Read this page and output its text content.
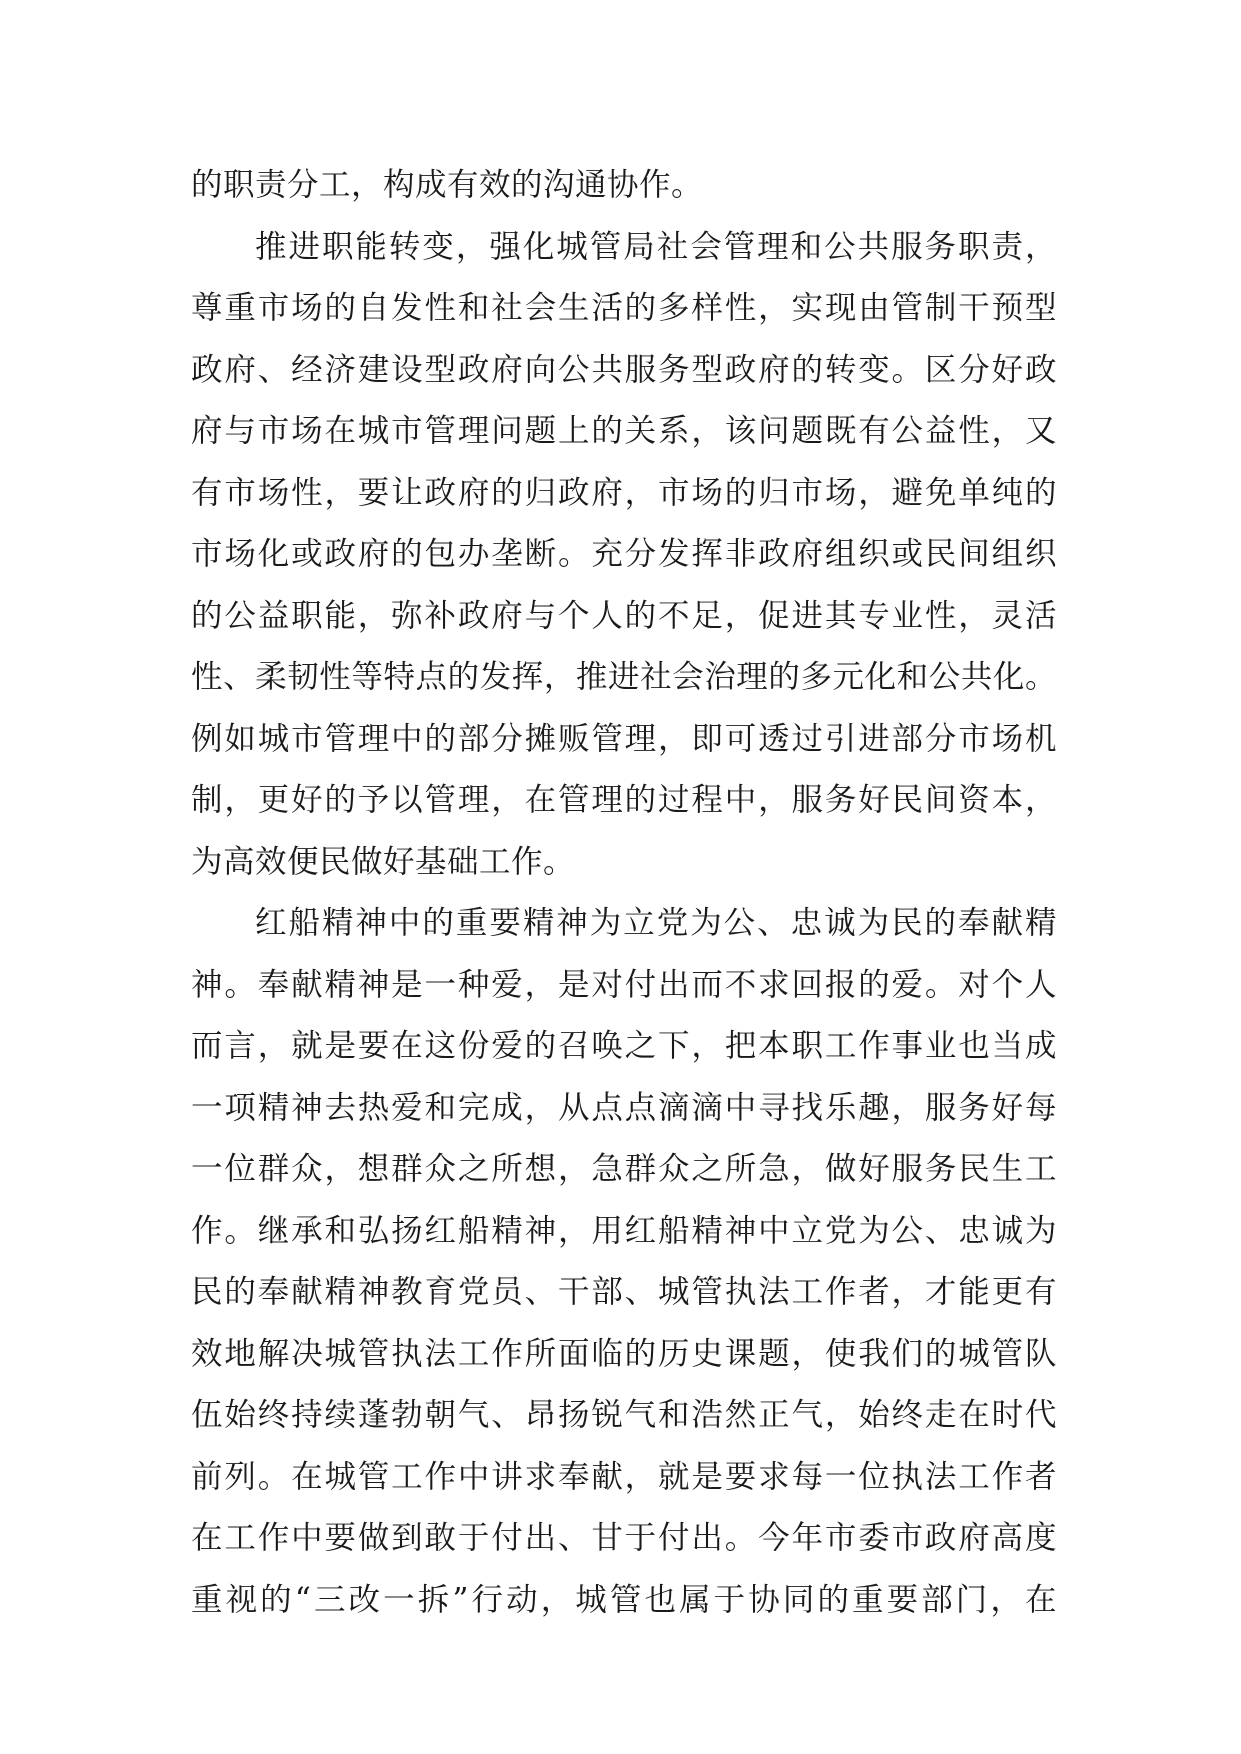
的职责分工，构成有效的沟通协作。
推进职能转变，强化城管局社会管理和公共服务职责，
尊重市场的自发性和社会生活的多样性，实现由管制干预型
政府、经济建设型政府向公共服务型政府的转变。区分好政
府与市场在城市管理问题上的关系，该问题既有公益性，又
有市场性，要让政府的归政府，市场的归市场，避免单纯的
市场化或政府的包办垄断。充分发挥非政府组织或民间组织
的公益职能，弥补政府与个人的不足，促进其专业性，灵活
性、柔韧性等特点的发挥，推进社会治理的多元化和公共化。
例如城市管理中的部分摊贩管理，即可透过引进部分市场机
制，更好的予以管理，在管理的过程中，服务好民间资本，
为高效便民做好基础工作。
红船精神中的重要精神为立党为公、忠诚为民的奉献精
神。奉献精神是一种爱，是对付出而不求回报的爱。对个人
而言，就是要在这份爱的召唤之下，把本职工作事业也当成
一项精神去热爱和完成，从点点滴滴中寻找乐趣，服务好每
一位群众，想群众之所想，急群众之所急，做好服务民生工
作。继承和弘扬红船精神，用红船精神中立党为公、忠诚为
民的奉献精神教育党员、干部、城管执法工作者，才能更有
效地解决城管执法工作所面临的历史课题，使我们的城管队
伍始终持续蓬勃朝气、昂扬锐气和浩然正气，始终走在时代
前列。在城管工作中讲求奉献，就是要求每一位执法工作者
在工作中要做到敢于付出、甘于付出。今年市委市政府高度
重视的“三改一拆”行动，城管也属于协同的重要部门，在
